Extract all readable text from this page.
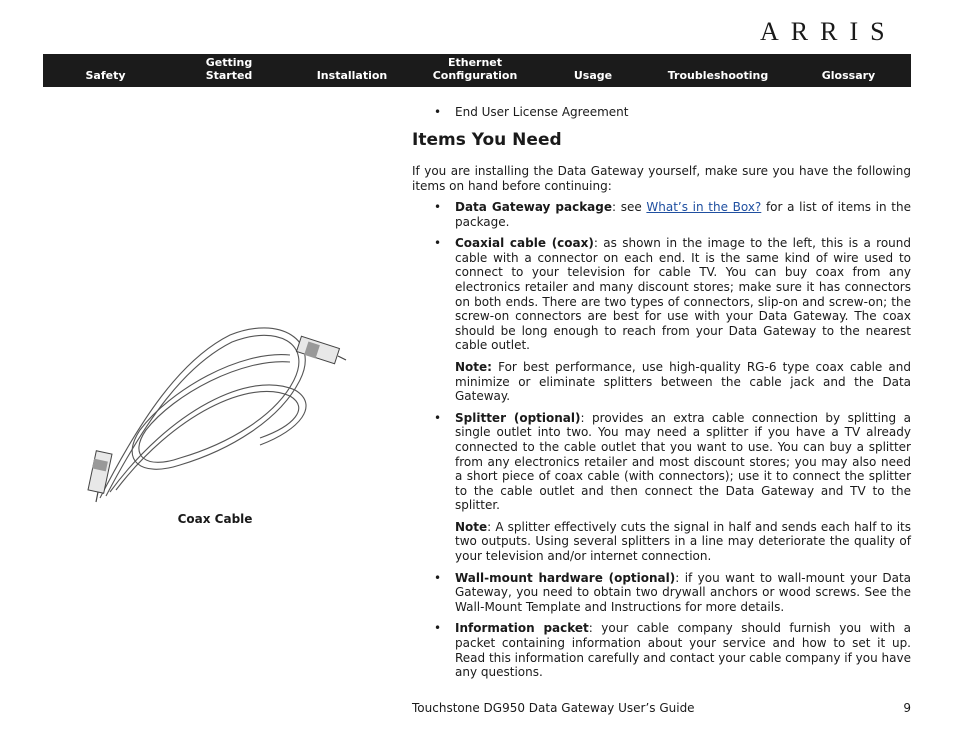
ARRIS
Safety
Getting
Started	Installation
Ethernet
Configuration	Usage	Troubleshooting	Glossary
• End User License Agreement
Items You Need

If you are installing the Data Gateway yourself, make sure you have the following items on hand before continuing:

• Data Gateway package: see What’s in the Box? for a list of items in the package.

• Coaxial cable (coax): as shown in the image to the left, this is a round cable with a connector on each end. It is the same kind of wire used to connect to your television for cable TV. You can buy coax from any electronics retailer and many discount stores; make sure it has connectors on both ends. There are two types of connectors, slip-on and screw-on; the screw-on connectors are best for use with your Data Gateway. The coax should be long enough to reach from your Data Gateway to the nearest cable outlet.

Note: For best performance, use high-quality RG-6 type coax cable and minimize or eliminate splitters between the cable jack and the Data Gateway.

• Splitter (optional): provides an extra cable connection by splitting a single outlet into two. You may need a splitter if you have a TV already connected to the cable outlet that you want to use. You can buy a splitter from any electronics retailer and most discount stores; you may also need a short piece of coax cable (with connectors); use it to connect the splitter to the cable outlet and then connect the Data Gateway and TV to the splitter.

Note: A splitter effectively cuts the signal in half and sends each half to its two outputs. Using several splitters in a line may deteriorate the quality of your television and/or internet connection.

• Wall-mount hardware (optional): if you want to wall-mount your Data Gateway, you need to obtain two drywall anchors or wood screws. See the Wall-Mount Template and Instructions for more details.

• Information packet: your cable company should furnish you with a packet containing information about your service and how to set it up. Read this information carefully and contact your cable company if you have any questions.

Coax Cable
Touchstone DG950 Data Gateway User’s Guide	9
